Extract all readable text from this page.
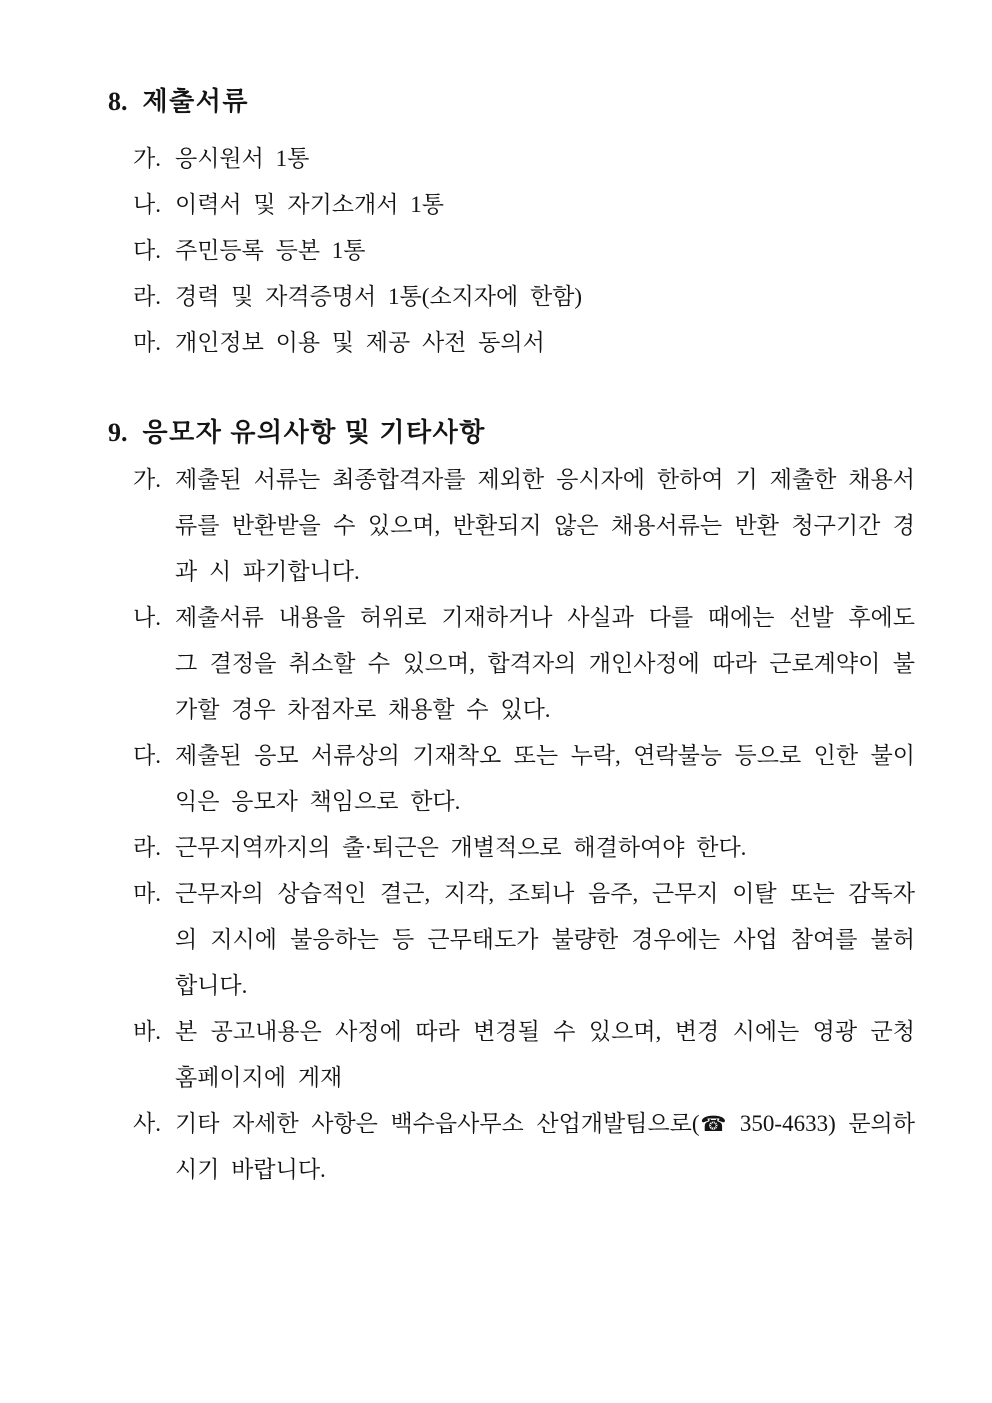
8. 제출서류
가. 응시원서 1통
나. 이력서 및 자기소개서 1통
다. 주민등록 등본 1통
라. 경력 및 자격증명서 1통(소지자에 한함)
마. 개인정보 이용 및 제공 사전 동의서
9. 응모자 유의사항 및 기타사항
가. 제출된 서류는 최종합격자를 제외한 응시자에 한하여 기 제출한 채용서류를 반환받을 수 있으며, 반환되지 않은 채용서류는 반환 청구기간 경과 시 파기합니다.
나. 제출서류 내용을 허위로 기재하거나 사실과 다를 때에는 선발 후에도 그 결정을 취소할 수 있으며, 합격자의 개인사정에 따라 근로계약이 불가할 경우 차점자로 채용할 수 있다.
다. 제출된 응모 서류상의 기재착오 또는 누락, 연락불능 등으로 인한 불이익은 응모자 책임으로 한다.
라. 근무지역까지의 출·퇴근은 개별적으로 해결하여야 한다.
마. 근무자의 상습적인 결근, 지각, 조퇴나 음주, 근무지 이탈 또는 감독자의 지시에 불응하는 등 근무태도가 불량한 경우에는 사업 참여를 불허합니다.
바. 본 공고내용은 사정에 따라 변경될 수 있으며, 변경 시에는 영광 군청 홈페이지에 게재
사. 기타 자세한 사항은 백수읍사무소 산업개발팀으로(☎ 350-4633) 문의하시기 바랍니다.
